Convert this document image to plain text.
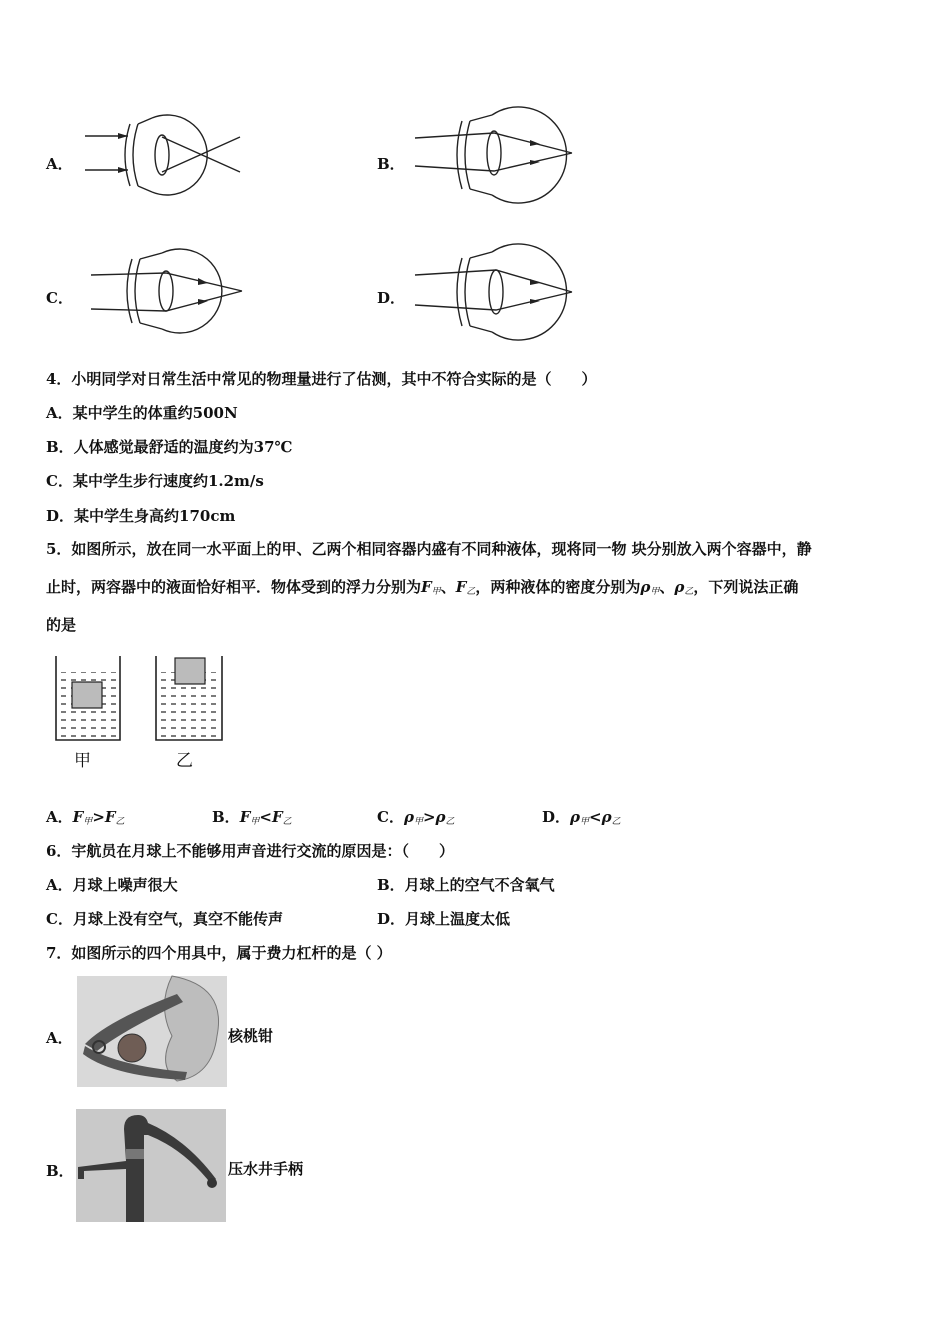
A．	B．
C．	D．
4．小明同学对日常生活中常见的物理量进行了估测，其中不符合实际的是（　　）
A．某中学生的体重约500N
B．人体感觉最舒适的温度约为37℃
C．某中学生步行速度约1.2m/s
D．某中学生身高约170cm
5．如图所示，放在同一水平面上的甲、乙两个相同容器内盛有不同种液体，现将同一物 块分别放入两个容器中，静
止时，两容器中的液面恰好相平．物体受到的浮力分别为$F_甲$、$F_乙$，两种液体的密度分别为$\rho_甲$、$\rho_乙$，下列说法正确
的是
甲	乙
A．$F_甲>F_乙$	B．$F_甲<F_乙$	C．$\rho_甲>\rho_乙$	D．$\rho_甲<\rho_乙$
6．宇航员在月球上不能够用声音进行交流的原因是：（　　）
A．月球上噪声很大	B．月球上的空气不含氧气
C．月球上没有空气，真空不能传声	D．月球上温度太低
7．如图所示的四个用具中，属于费力杠杆的是（ ）
A．	核桃钳
B．	压水井手柄
